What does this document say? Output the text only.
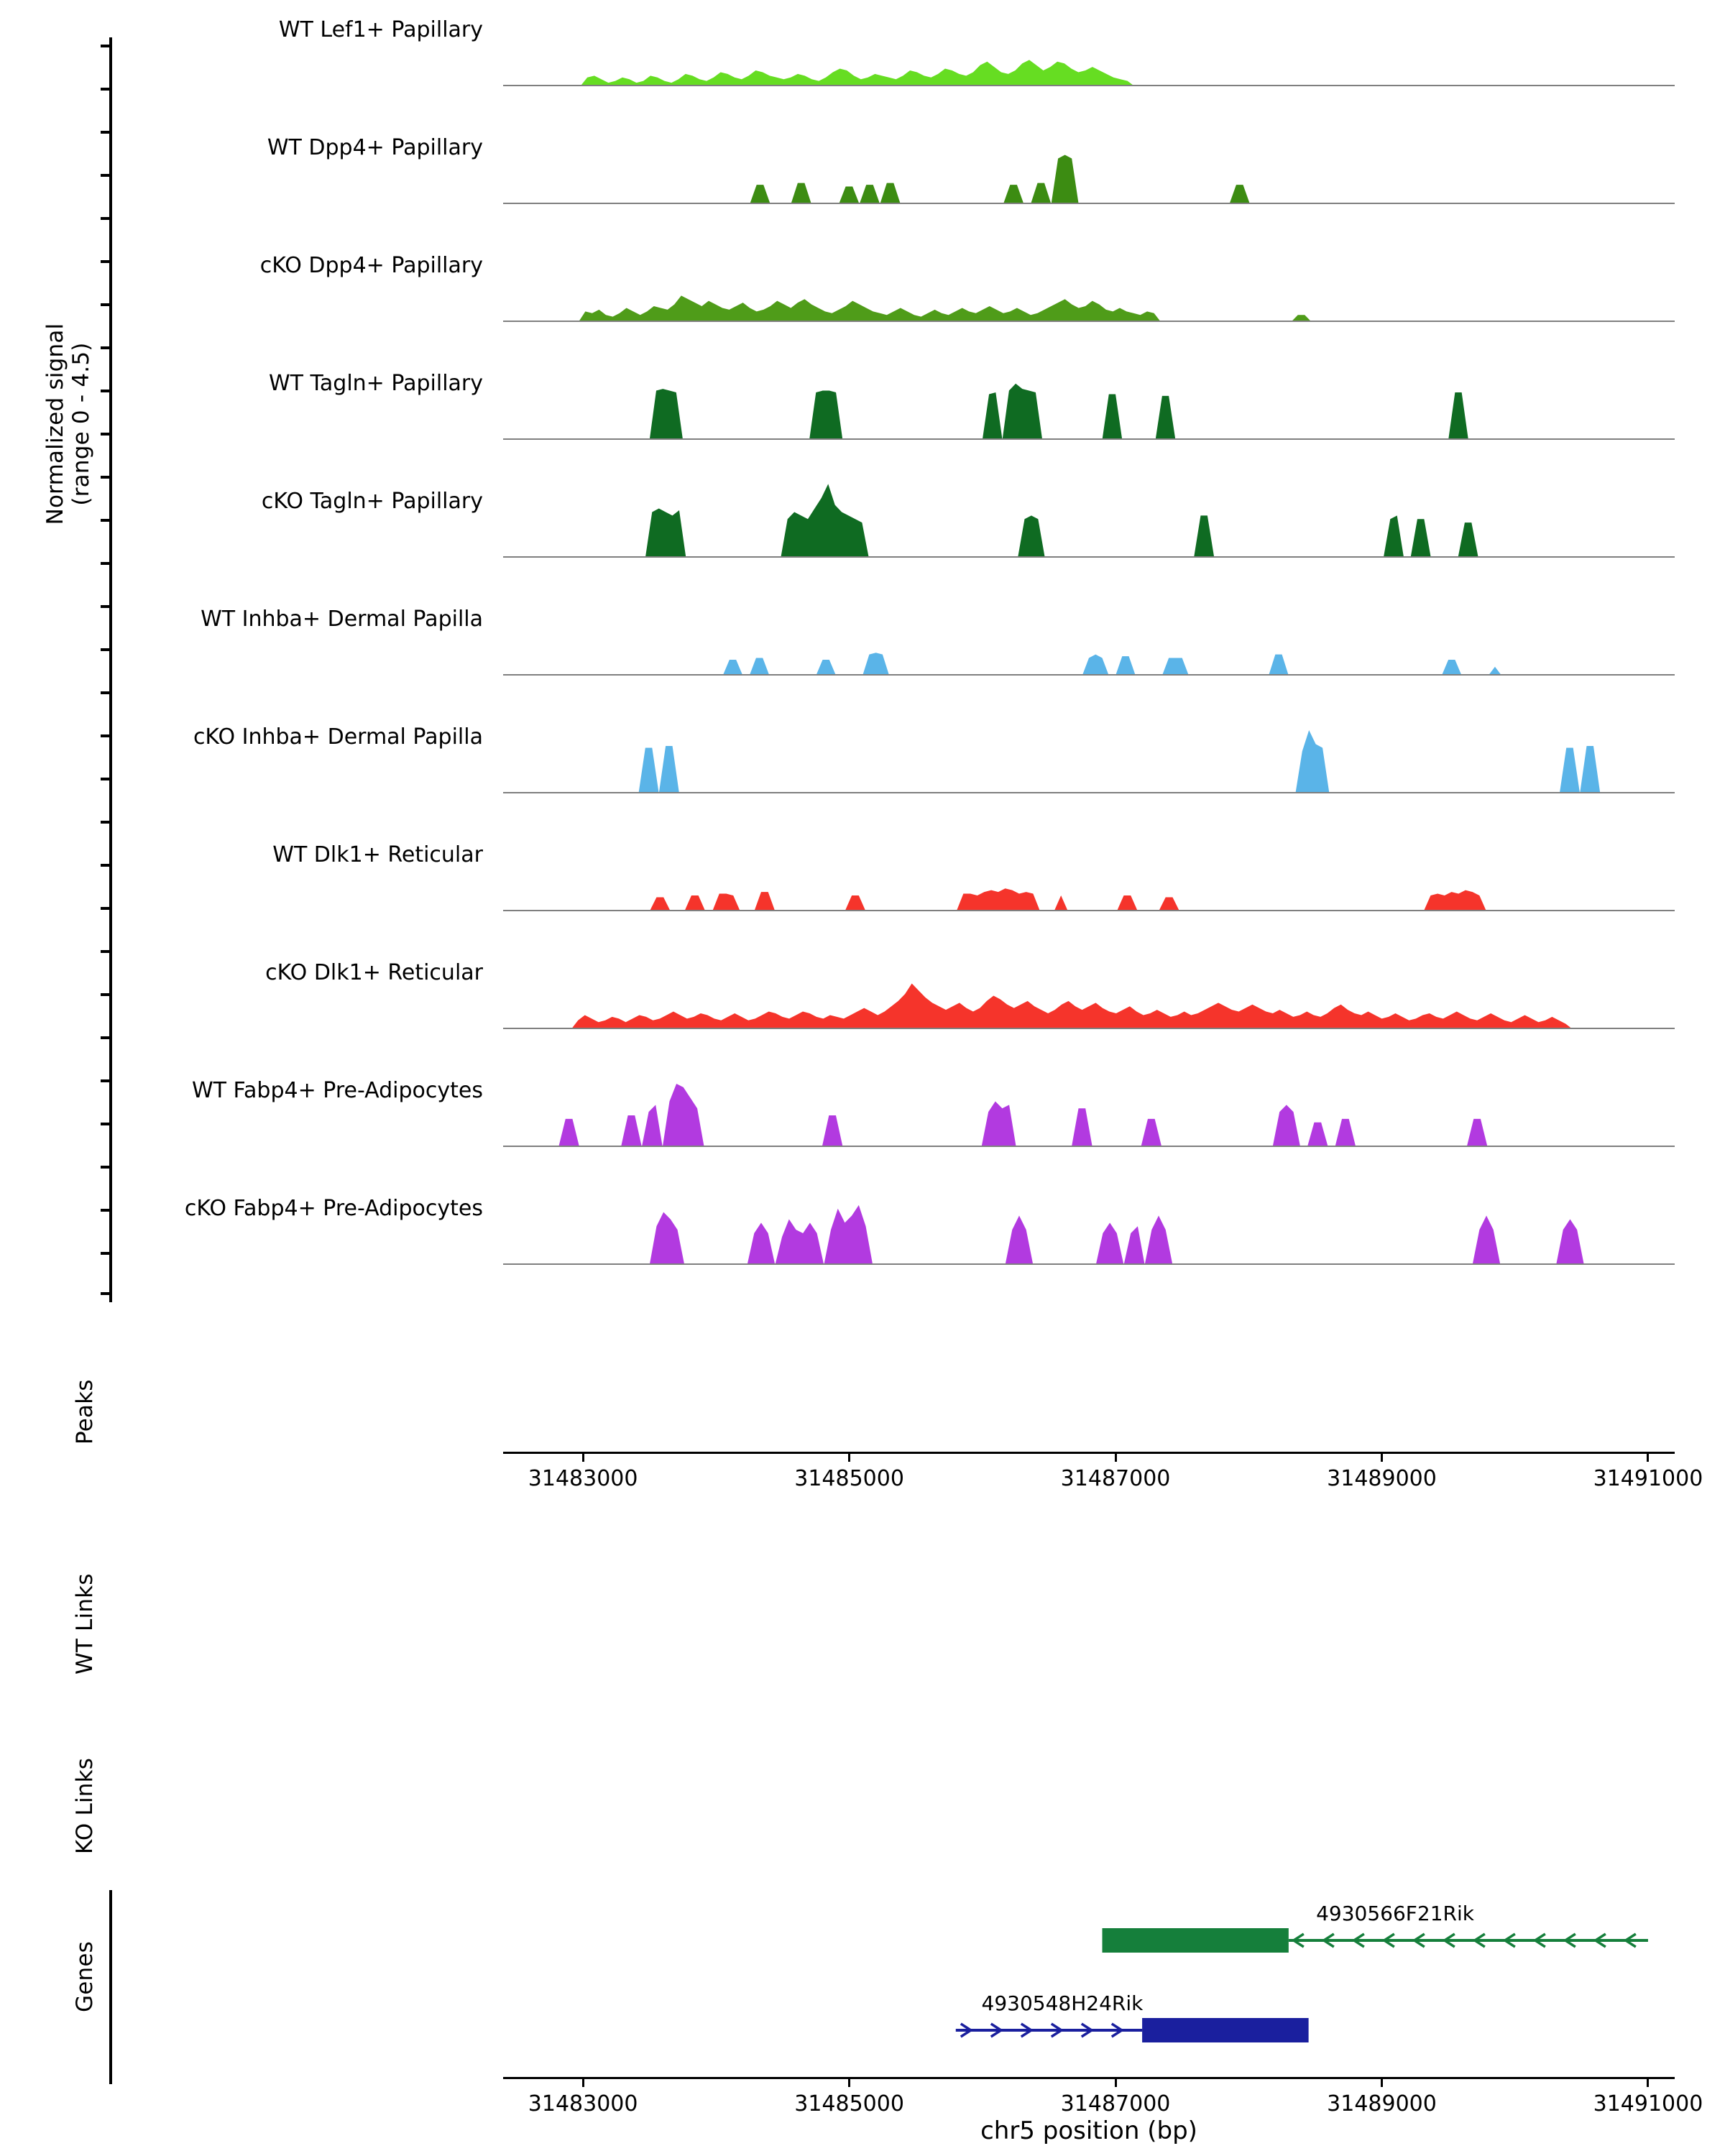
Normalized signal (range 0 - 4.5)
Peaks
WT Links
KO Links
Genes
WT Lef1+ Papillary
WT Dpp4+ Papillary
cKO Dpp4+ Papillary
WT Tagln+ Papillary
cKO Tagln+ Papillary
WT Inhba+ Dermal Papilla
cKO Inhba+ Dermal Papilla
WT Dlk1+ Reticular
cKO Dlk1+ Reticular
WT Fabp4+ Pre-Adipocytes
cKO Fabp4+ Pre-Adipocytes
31483000	31485000	31487000	31489000	31491000
chr5 position (bp)
31483000	31485000	31487000	31489000	31491000
4930566F21Rik
4930548H24Rik
